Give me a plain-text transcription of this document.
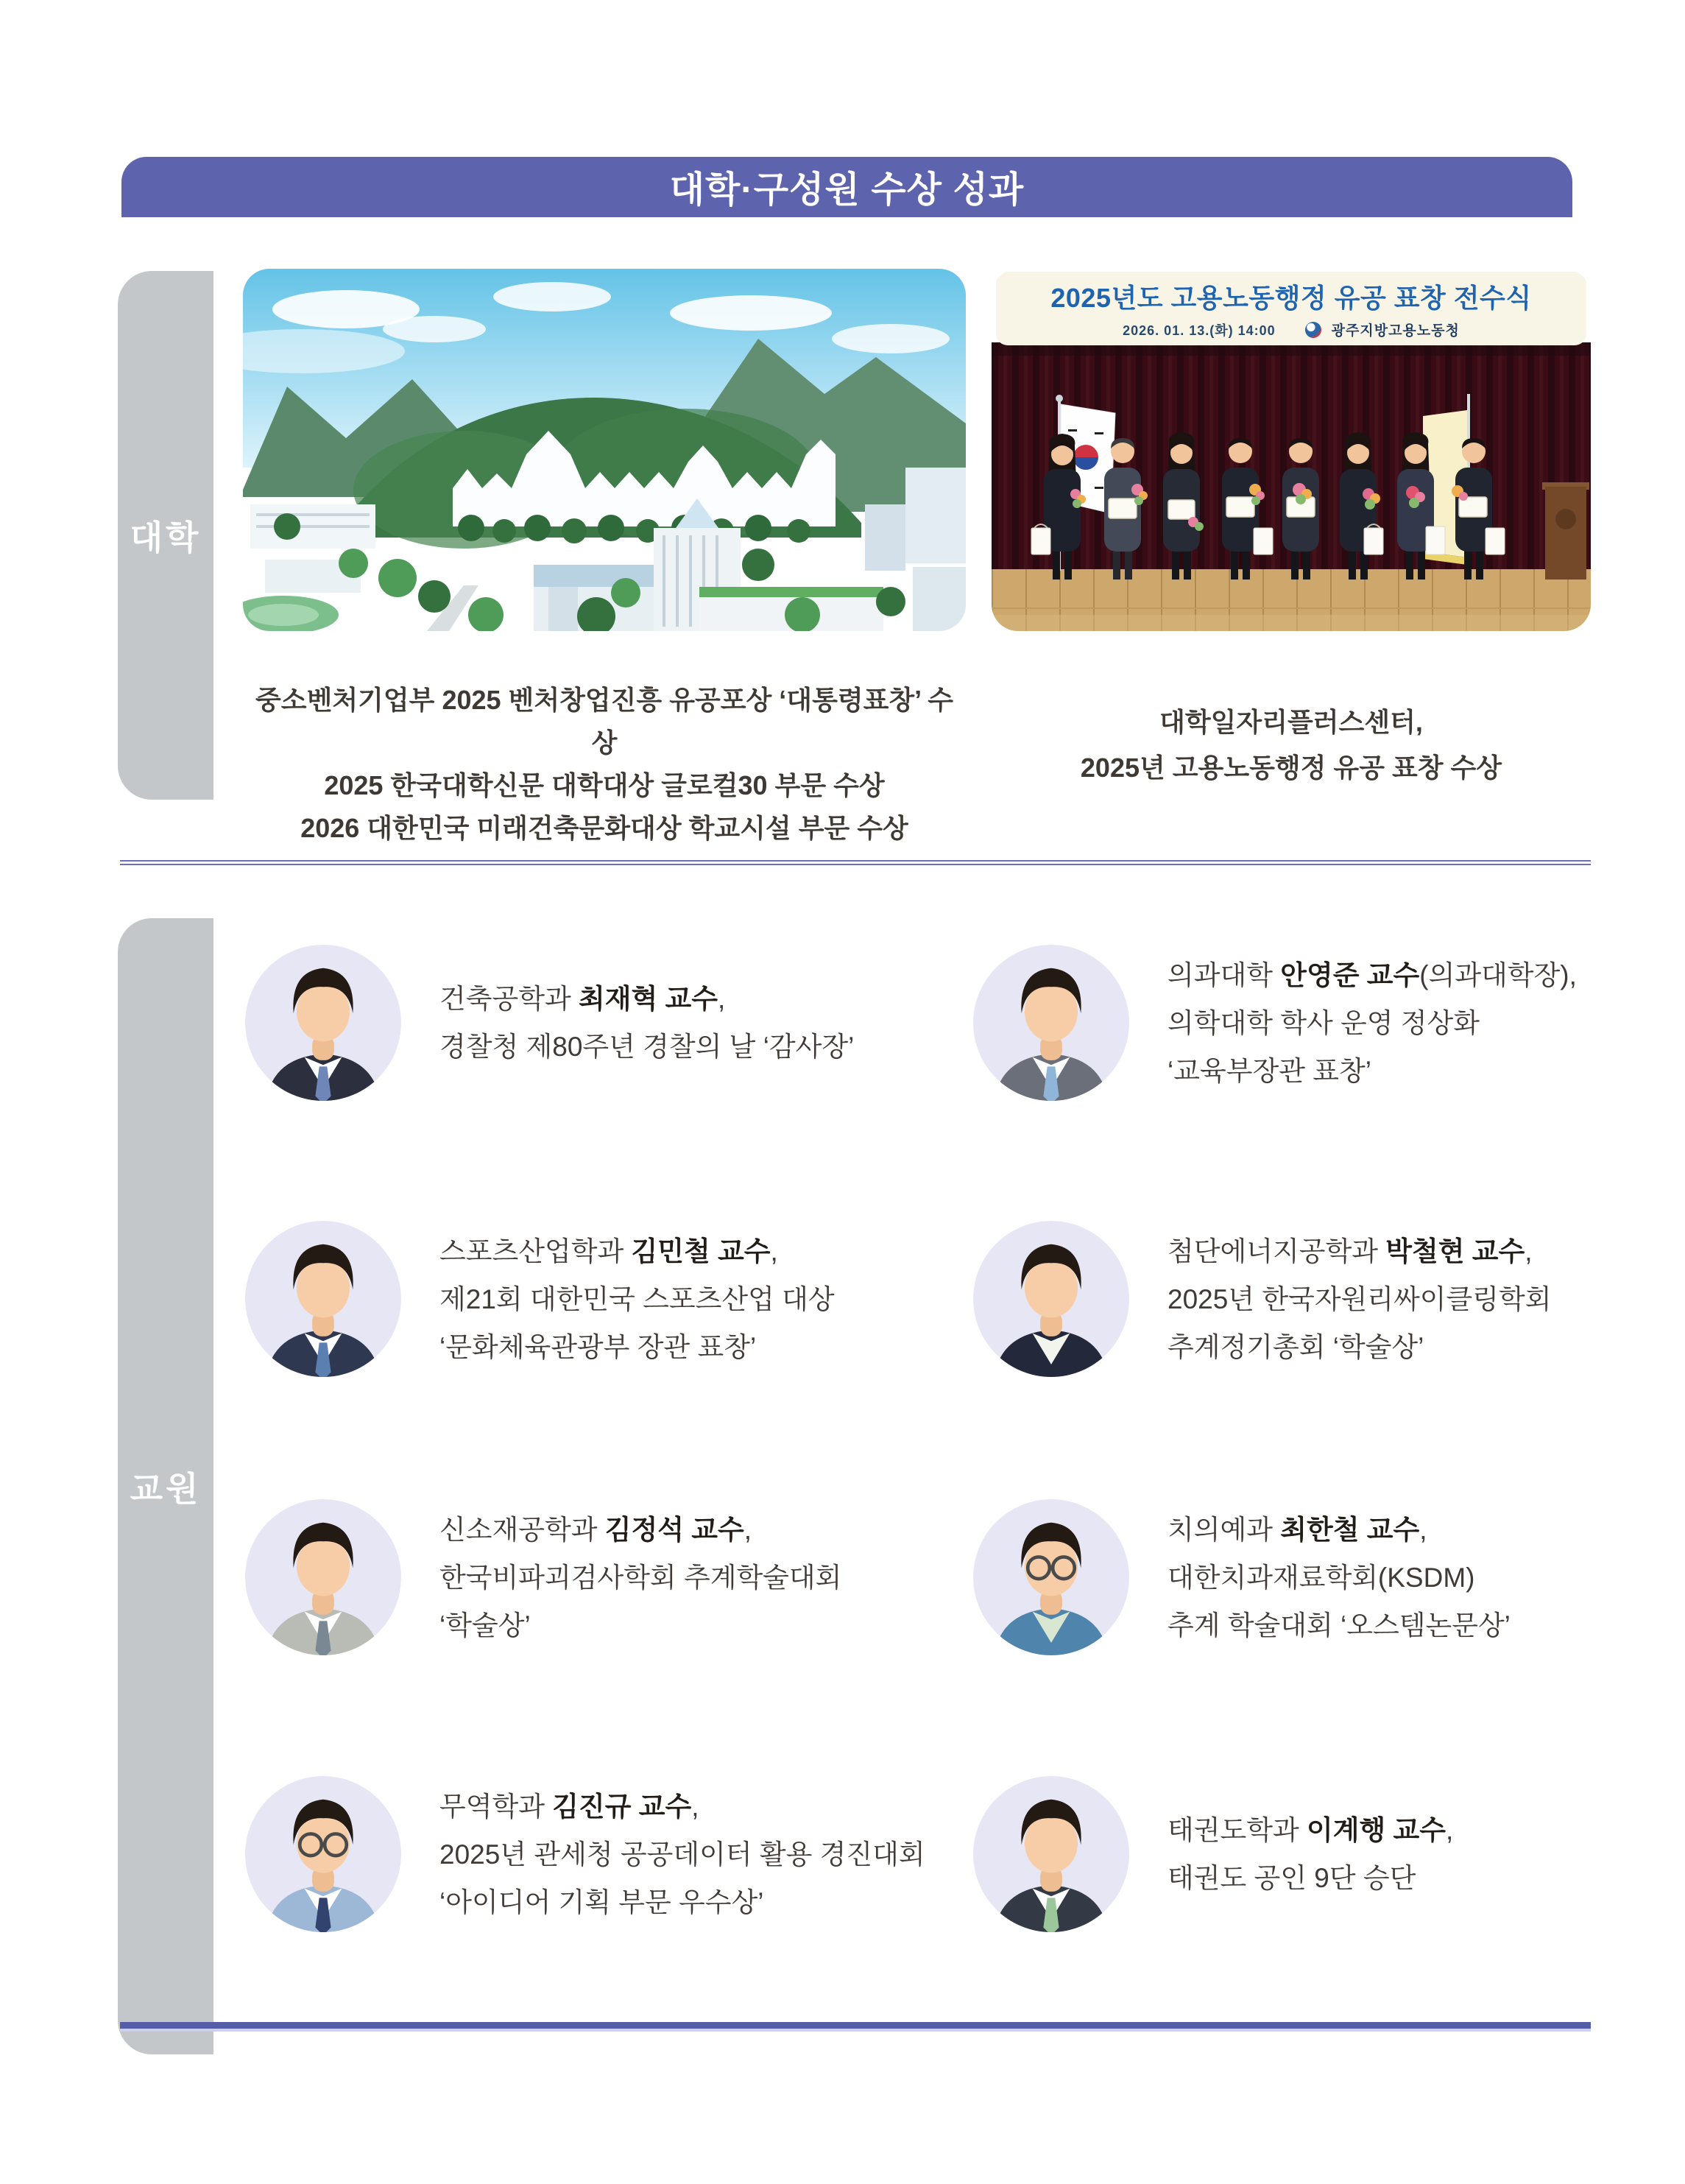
대학·구성원 수상 성과
대학
2025년도 고용노동행정 유공 표창 전수식
2026. 01. 13.(화) 14:00	광주지방고용노동청
중소벤처기업부 2025 벤처창업진흥 유공포상 ‘대통령표창’ 수상
2025 한국대학신문 대학대상 글로컬30 부문 수상
2026 대한민국 미래건축문화대상 학교시설 부문 수상
대학일자리플러스센터,
2025년 고용노동행정 유공 표창 수상
교원
건축공학과 최재혁 교수,
경찰청 제80주년 경찰의 날 ‘감사장’
의과대학 안영준 교수(의과대학장),
의학대학 학사 운영 정상화
‘교육부장관 표창’
스포츠산업학과 김민철 교수,
제21회 대한민국 스포츠산업 대상
‘문화체육관광부 장관 표창’
첨단에너지공학과 박철현 교수,
2025년 한국자원리싸이클링학회
추계정기총회 ‘학술상’
신소재공학과 김정석 교수,
한국비파괴검사학회 추계학술대회
‘학술상’
치의예과 최한철 교수,
대한치과재료학회(KSDM)
추계 학술대회 ‘오스템논문상’
무역학과 김진규 교수,
2025년 관세청 공공데이터 활용 경진대회
‘아이디어 기획 부문 우수상’
태권도학과 이계행 교수,
태권도 공인 9단 승단
